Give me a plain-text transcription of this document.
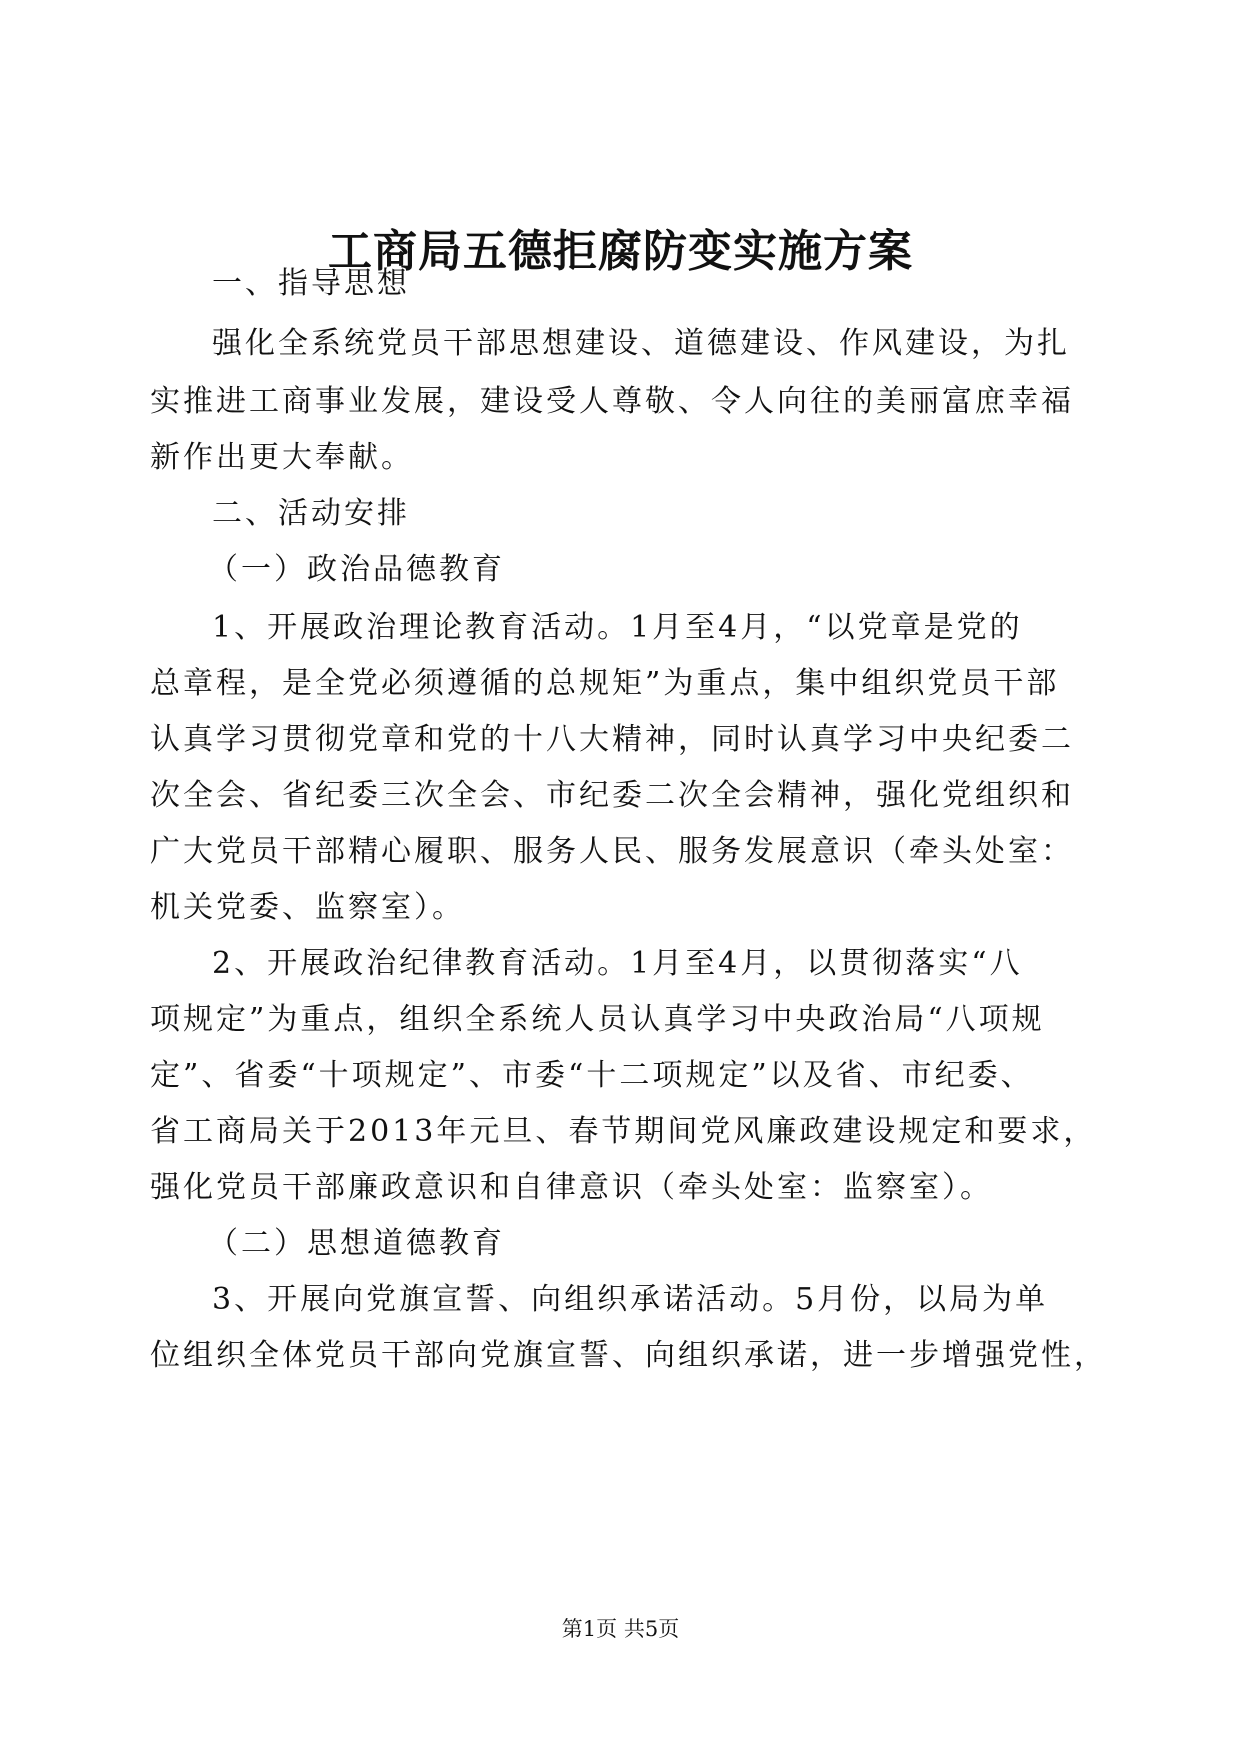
工商局五德拒腐防变实施方案
一、指导思想
强化全系统党员干部思想建设、道德建设、作风建设，为扎
实推进工商事业发展，建设受人尊敬、令人向往的美丽富庶幸福
新作出更大奉献。
二、活动安排
（一）政治品德教育
1、开展政治理论教育活动。1月至4月，“以党章是党的
总章程，是全党必须遵循的总规矩”为重点，集中组织党员干部
认真学习贯彻党章和党的十八大精神，同时认真学习中央纪委二
次全会、省纪委三次全会、市纪委二次全会精神，强化党组织和
广大党员干部精心履职、服务人民、服务发展意识（牵头处室：
机关党委、监察室）。
2、开展政治纪律教育活动。1月至4月，以贯彻落实“八
项规定”为重点，组织全系统人员认真学习中央政治局“八项规
定”、省委“十项规定”、市委“十二项规定”以及省、市纪委、
省工商局关于2013年元旦、春节期间党风廉政建设规定和要求，
强化党员干部廉政意识和自律意识（牵头处室：监察室）。
（二）思想道德教育
3、开展向党旗宣誓、向组织承诺活动。5月份，以局为单
位组织全体党员干部向党旗宣誓、向组织承诺，进一步增强党性，
第1页 共5页
